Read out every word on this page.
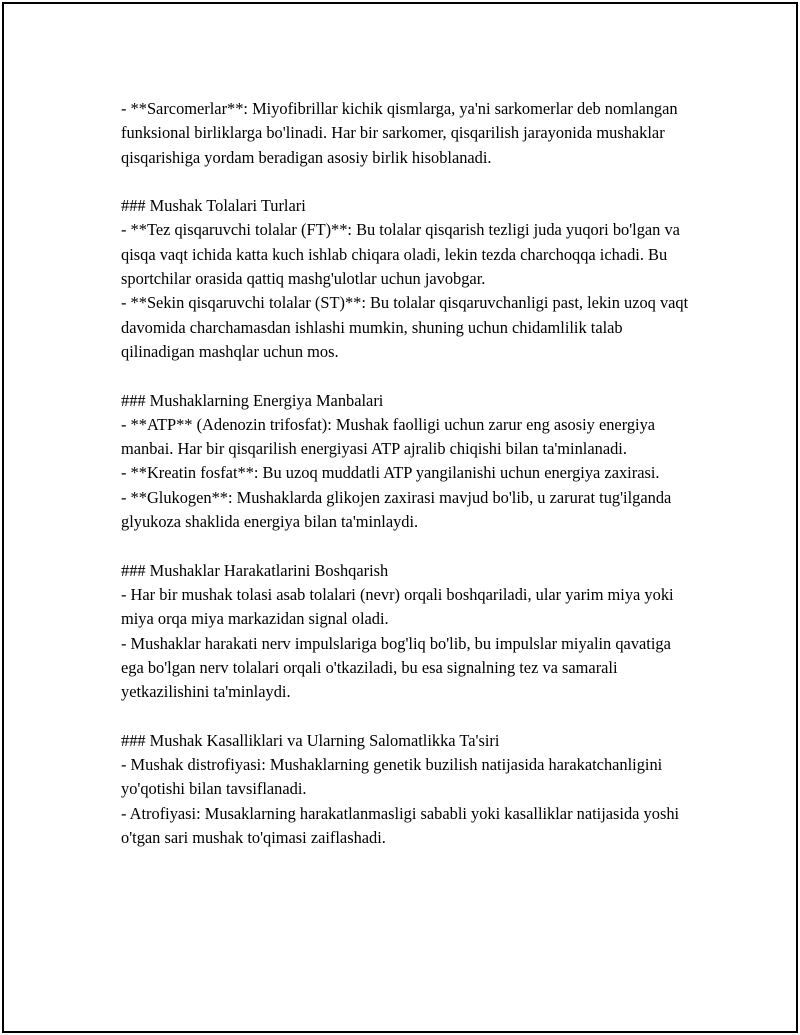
- **Sarcomerlar**: Miyofibrillar kichik qismlarga, ya'ni sarkomerlar deb nomlangan funksional birliklarga bo'linadi. Har bir sarkomer, qisqarilish jarayonida mushaklar qisqarishiga yordam beradigan asosiy birlik hisoblanadi.

### Mushak Tolalari Turlari

- **Tez qisqaruvchi tolalar (FT)**: Bu tolalar qisqarish tezligi juda yuqori bo'lgan va qisqa vaqt ichida katta kuch ishlab chiqara oladi, lekin tezda charchoqqa ichadi. Bu sportchilar orasida qattiq mashg'ulotlar uchun javobgar.

- **Sekin qisqaruvchi tolalar (ST)**: Bu tolalar qisqaruvchanligi past, lekin uzoq vaqt davomida charchamasdan ishlashi mumkin, shuning uchun chidamlilik talab qilinadigan mashqlar uchun mos.

### Mushaklarning Energiya Manbalari

- **ATP** (Adenozin trifosfat): Mushak faolligi uchun zarur eng asosiy energiya manbai. Har bir qisqarilish energiyasi ATP ajralib chiqishi bilan ta'minlanadi.

- **Kreatin fosfat**: Bu uzoq muddatli ATP yangilanishi uchun energiya zaxirasi.

- **Glukogen**: Mushaklarda glikojen zaxirasi mavjud bo'lib, u zarurat tug'ilganda glyukoza shaklida energiya bilan ta'minlaydi.

### Mushaklar Harakatlarini Boshqarish

- Har bir mushak tolasi asab tolalari (nevr) orqali boshqariladi, ular yarim miya yoki miya orqa miya markazidan signal oladi.

- Mushaklar harakati nerv impulslariga bog'liq bo'lib, bu impulslar miyalin qavatiga ega bo'lgan nerv tolalari orqali o'tkaziladi, bu esa signalning tez va samarali yetkazilishini ta'minlaydi.

### Mushak Kasalliklari va Ularning Salomatlikka Ta'siri

- Mushak distrofiyasi: Mushaklarning genetik buzilish natijasida harakatchanligini yo'qotishi bilan tavsiflanadi.

- Atrofiyasi: Musaklarning harakatlanmasligi sababli yoki kasalliklar natijasida yoshi o'tgan sari mushak to'qimasi zaiflashadi.
